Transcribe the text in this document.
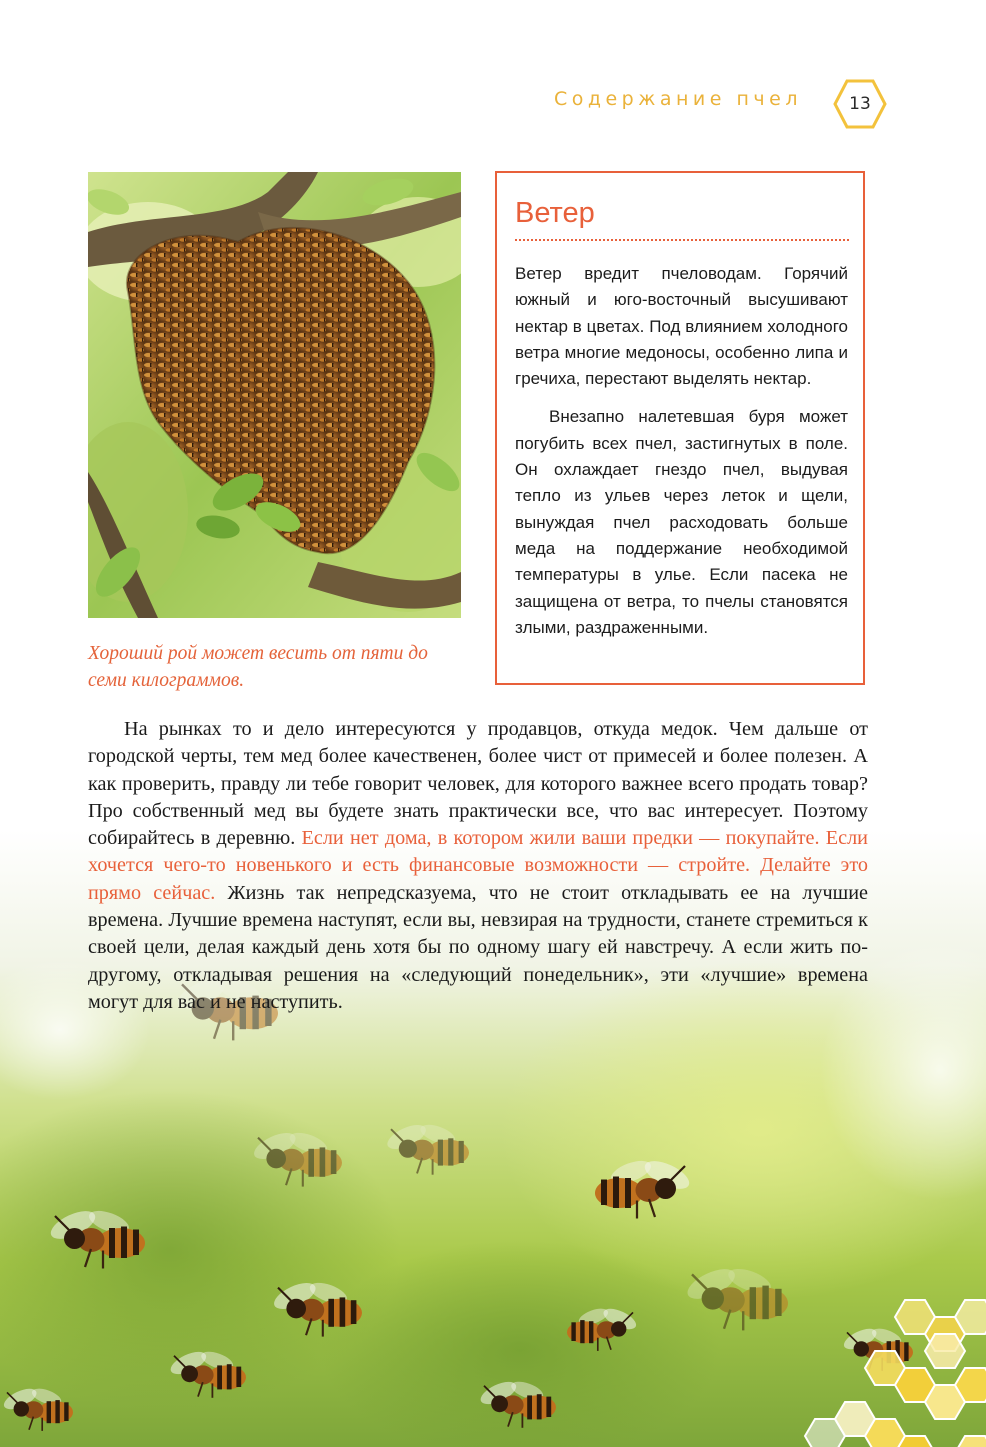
Содержание пчел	13
Хороший рой может весить от пяти до семи килограммов.
Ветер

Ветер вредит пчеловодам. Горячий южный и юго-восточный высушивают нектар в цветах. Под влиянием холодного ветра многие медоносы, особенно липа и гречиха, перестают выделять нектар.

Внезапно налетевшая буря может погубить всех пчел, застигнутых в поле. Он охлаждает гнездо пчел, выдувая тепло из ульев через леток и щели, вынуждая пчел расходовать больше меда на поддержание необходимой температуры в улье. Если пасека не защищена от ветра, то пчелы становятся злыми, раздраженными.

На рынках то и дело интересуются у продавцов, откуда медок. Чем дальше от городской черты, тем мед более качественен, более чист от примесей и более полезен. А как проверить, правду ли тебе говорит человек, для которого важнее всего продать товар? Про собственный мед вы будете знать практически все, что вас интересует. Поэтому собирайтесь в деревню. Если нет дома, в котором жили ваши предки — покупайте. Если хочется чего-то новенького и есть финансовые возможности — стройте. Делайте это прямо сейчас. Жизнь так непредсказуема, что не стоит откладывать ее на лучшие времена. Лучшие времена наступят, если вы, невзирая на трудности, станете стремиться к своей цели, делая каждый день хотя бы по одному шагу ей навстречу. А если жить по-другому, откладывая решения на «следующий понедельник», эти «лучшие» времена могут для вас и не наступить.
